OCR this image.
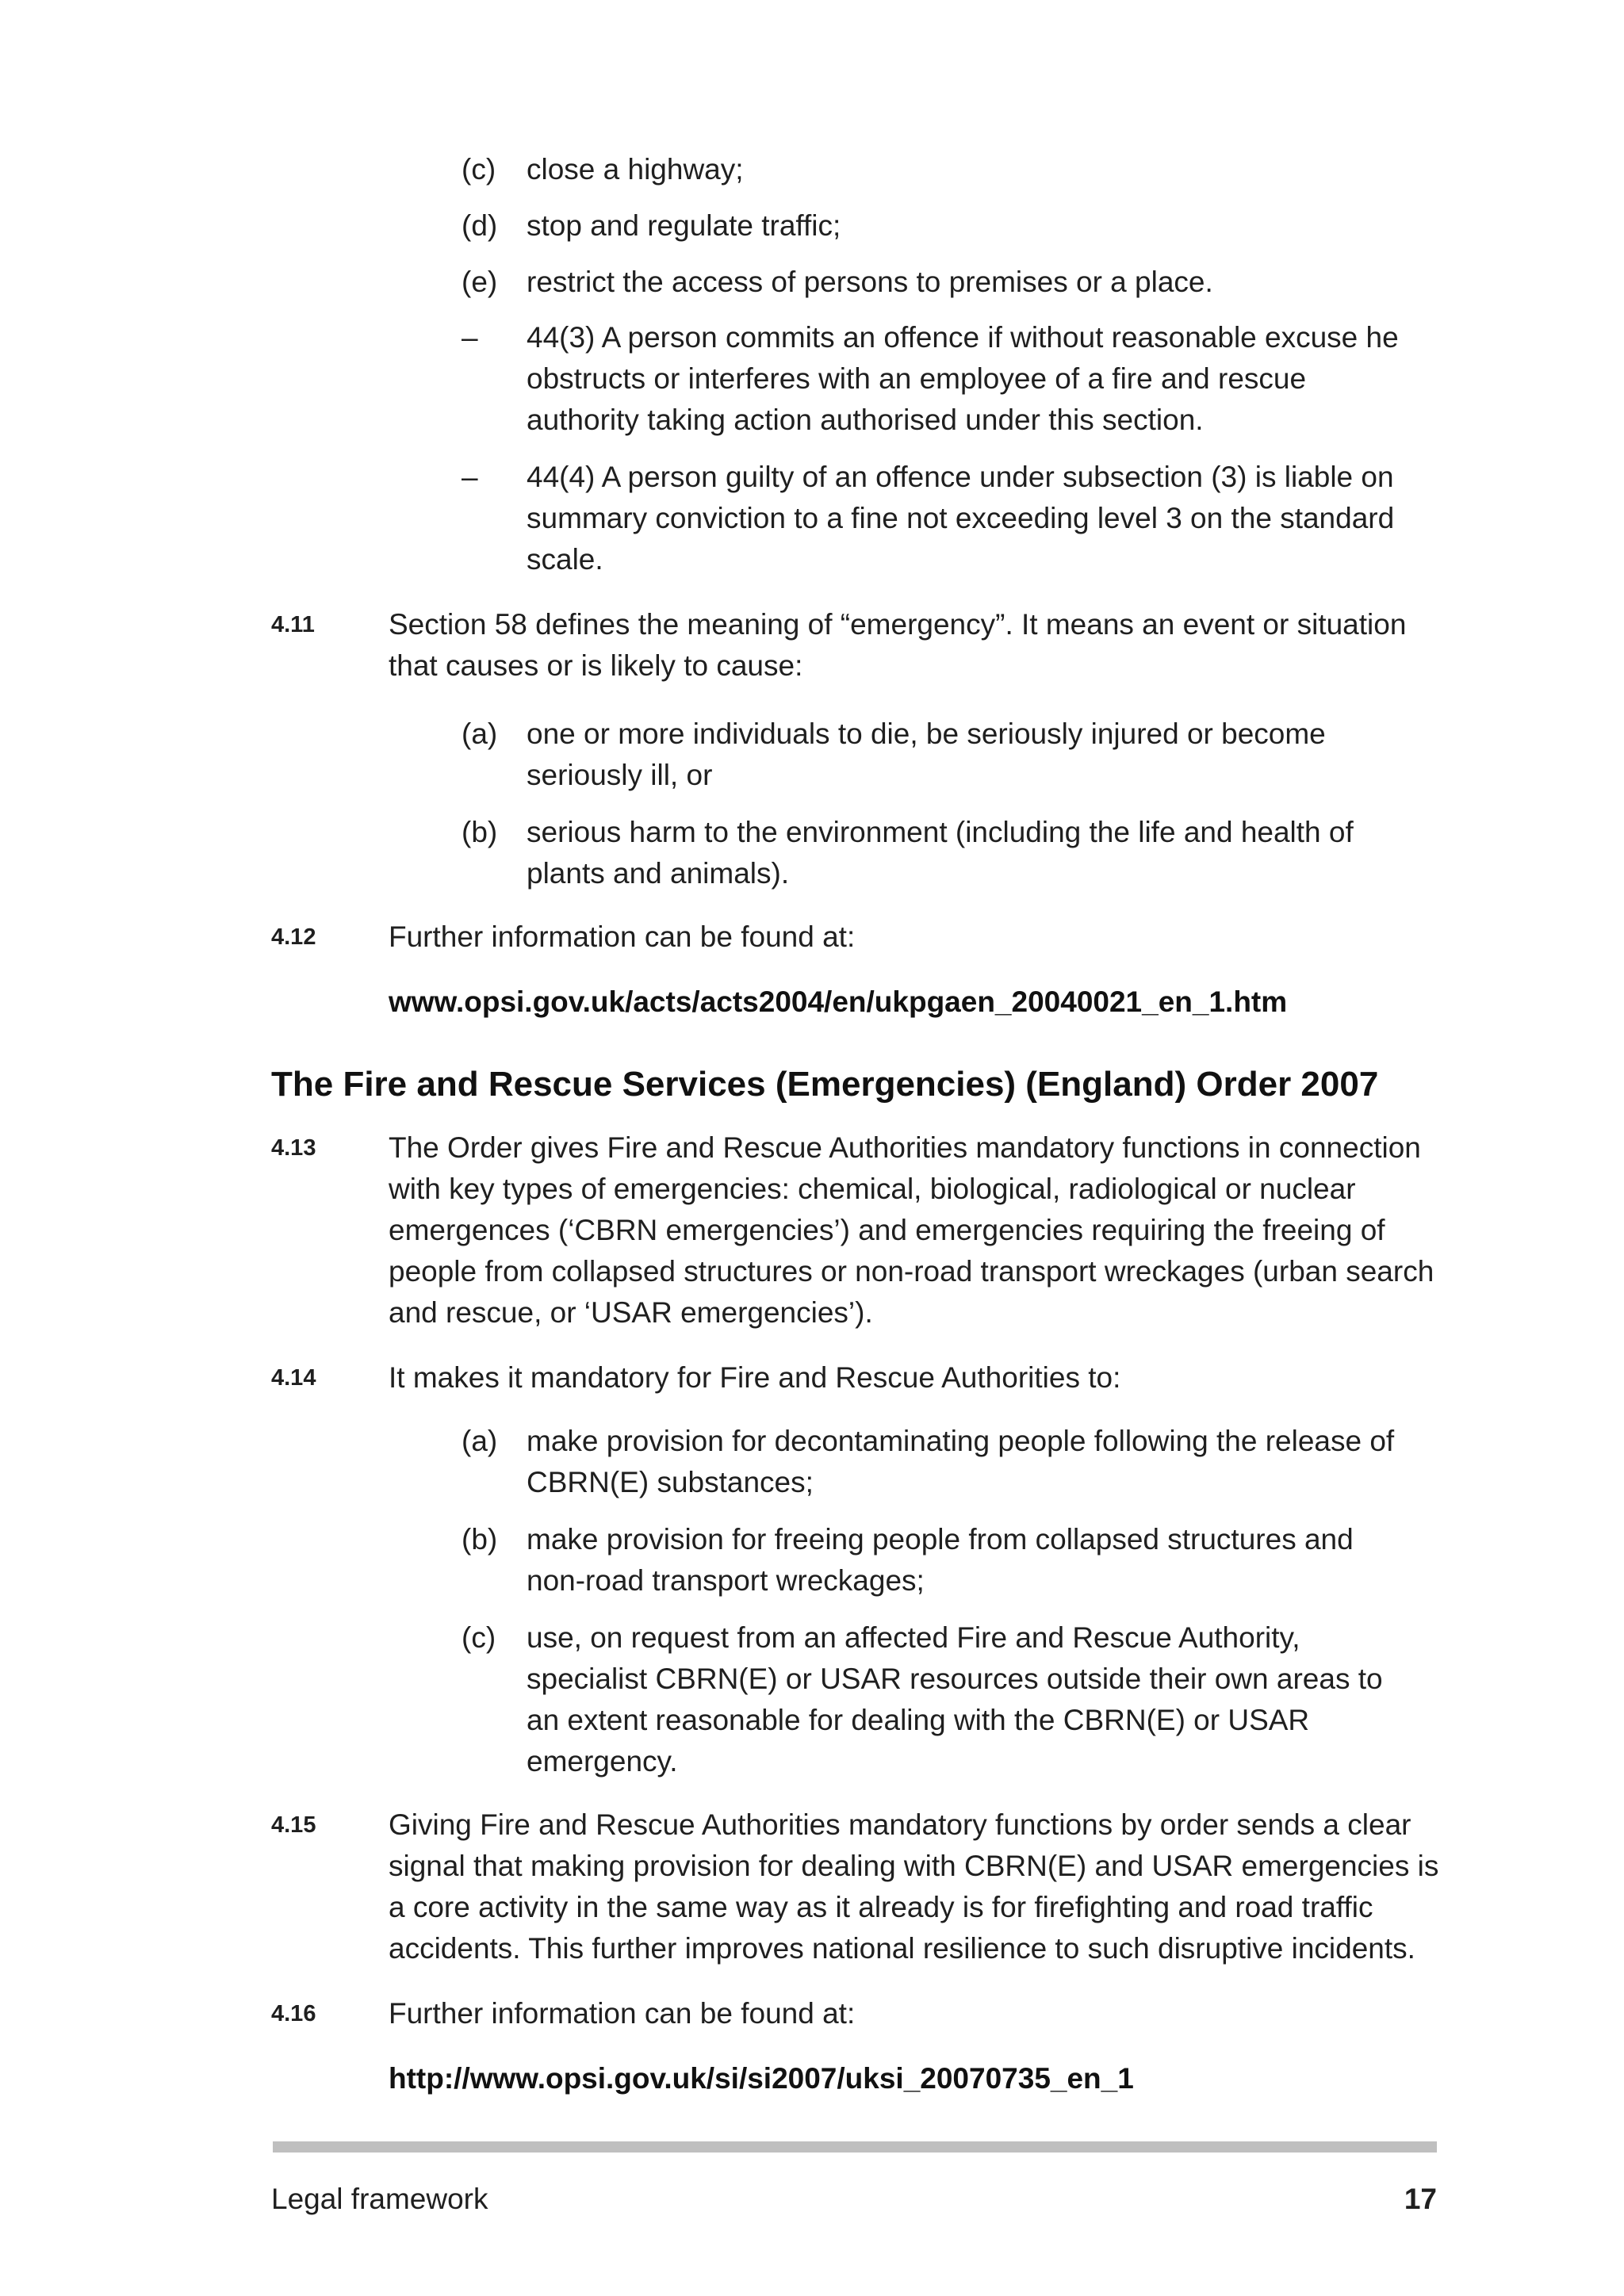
(c) close a highway;
(d) stop and regulate traffic;
(e) restrict the access of persons to premises or a place.
– 44(3) A person commits an offence if without reasonable excuse he
obstructs or interferes with an employee of a fire and rescue
authority taking action authorised under this section.
– 44(4) A person guilty of an offence under subsection (3) is liable on
summary conviction to a fine not exceeding level 3 on the standard
scale.
4.11	Section 58 defines the meaning of “emergency”. It means an event or situation
that causes or is likely to cause:
(a) one or more individuals to die, be seriously injured or become
seriously ill, or
(b) serious harm to the environment (including the life and health of
plants and animals).
4.12 Further information can be found at:
www.opsi.gov.uk/acts/acts2004/en/ukpgaen_20040021_en_1.htm
The Fire and Rescue Services (Emergencies) (England) Order 2007
4.13 The Order gives Fire and Rescue Authorities mandatory functions in connection
with key types of emergencies: chemical, biological, radiological or nuclear
emergences (‘CBRN emergencies’) and emergencies requiring the freeing of
people from collapsed structures or non-road transport wreckages (urban search
and rescue, or ‘USAR emergencies’).
4.14 It makes it mandatory for Fire and Rescue Authorities to:
(a) make provision for decontaminating people following the release of
CBRN(E) substances;
(b) make provision for freeing people from collapsed structures and
non-road transport wreckages;
(c) use, on request from an affected Fire and Rescue Authority,
specialist CBRN(E) or USAR resources outside their own areas to
an extent reasonable for dealing with the CBRN(E) or USAR
emergency.
4.15 Giving Fire and Rescue Authorities mandatory functions by order sends a clear
signal that making provision for dealing with CBRN(E) and USAR emergencies is
a core activity in the same way as it already is for firefighting and road traffic
accidents. This further improves national resilience to such disruptive incidents.
4.16 Further information can be found at:
http://www.opsi.gov.uk/si/si2007/uksi_20070735_en_1
Legal framework	17
